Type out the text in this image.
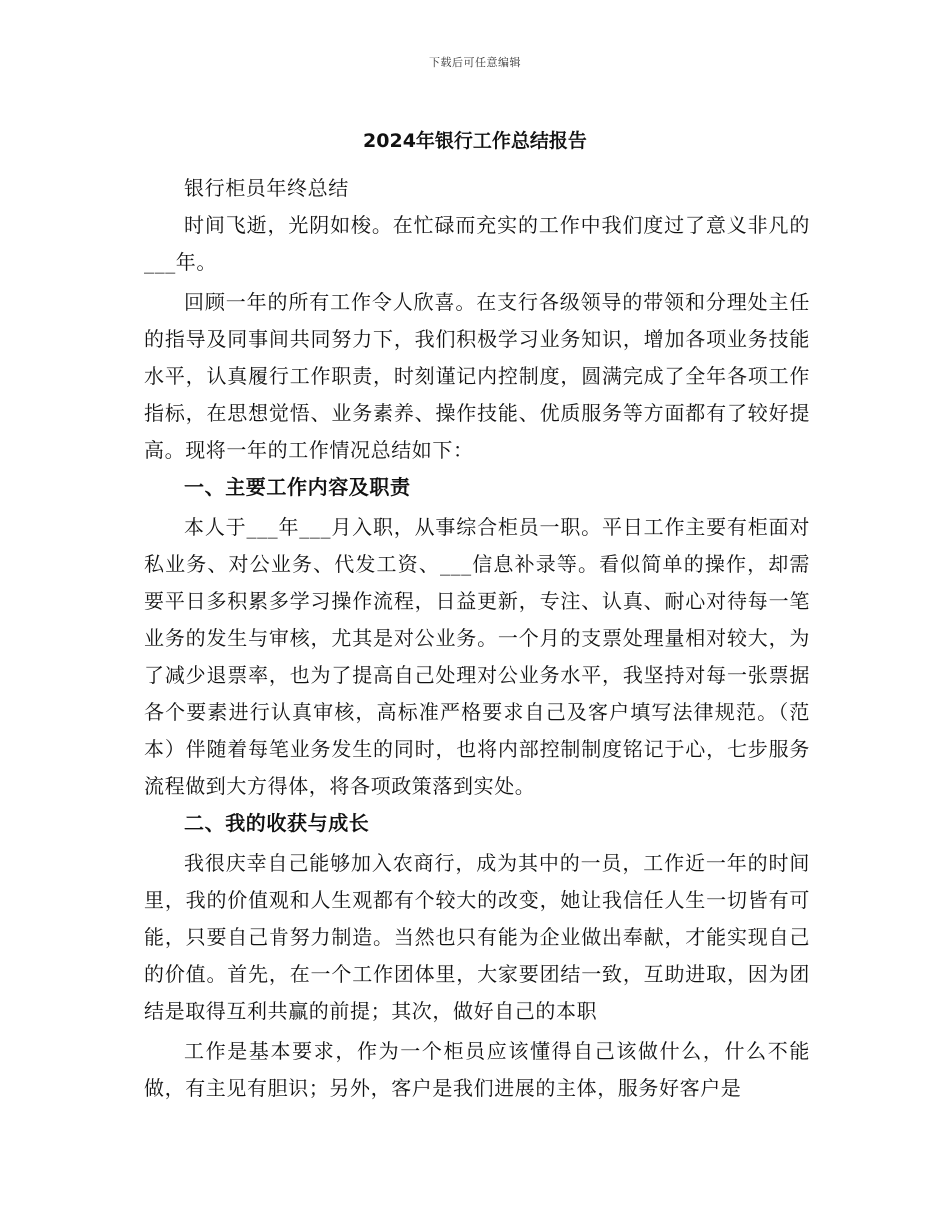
下载后可任意编辑
2024年银行工作总结报告

银行柜员年终总结

时间飞逝，光阴如梭。在忙碌而充实的工作中我们度过了意义非凡的___年。

回顾一年的所有工作令人欣喜。在支行各级领导的带领和分理处主任的指导及同事间共同努力下，我们积极学习业务知识，增加各项业务技能水平，认真履行工作职责，时刻谨记内控制度，圆满完成了全年各项工作指标，在思想觉悟、业务素养、操作技能、优质服务等方面都有了较好提高。现将一年的工作情况总结如下：

一、主要工作内容及职责

本人于___年___月入职，从事综合柜员一职。平日工作主要有柜面对私业务、对公业务、代发工资、___信息补录等。看似简单的操作，却需要平日多积累多学习操作流程，日益更新，专注、认真、耐心对待每一笔业务的发生与审核，尤其是对公业务。一个月的支票处理量相对较大，为了减少退票率，也为了提高自己处理对公业务水平，我坚持对每一张票据各个要素进行认真审核，高标准严格要求自己及客户填写法律规范。（范本）伴随着每笔业务发生的同时，也将内部控制制度铭记于心，七步服务流程做到大方得体，将各项政策落到实处。

二、我的收获与成长

我很庆幸自己能够加入农商行，成为其中的一员，工作近一年的时间里，我的价值观和人生观都有个较大的改变，她让我信任人生一切皆有可能，只要自己肯努力制造。当然也只有能为企业做出奉献，才能实现自己的价值。首先，在一个工作团体里，大家要团结一致，互助进取，因为团结是取得互利共赢的前提；其次，做好自己的本职

工作是基本要求，作为一个柜员应该懂得自己该做什么，什么不能做，有主见有胆识；另外，客户是我们进展的主体，服务好客户是
